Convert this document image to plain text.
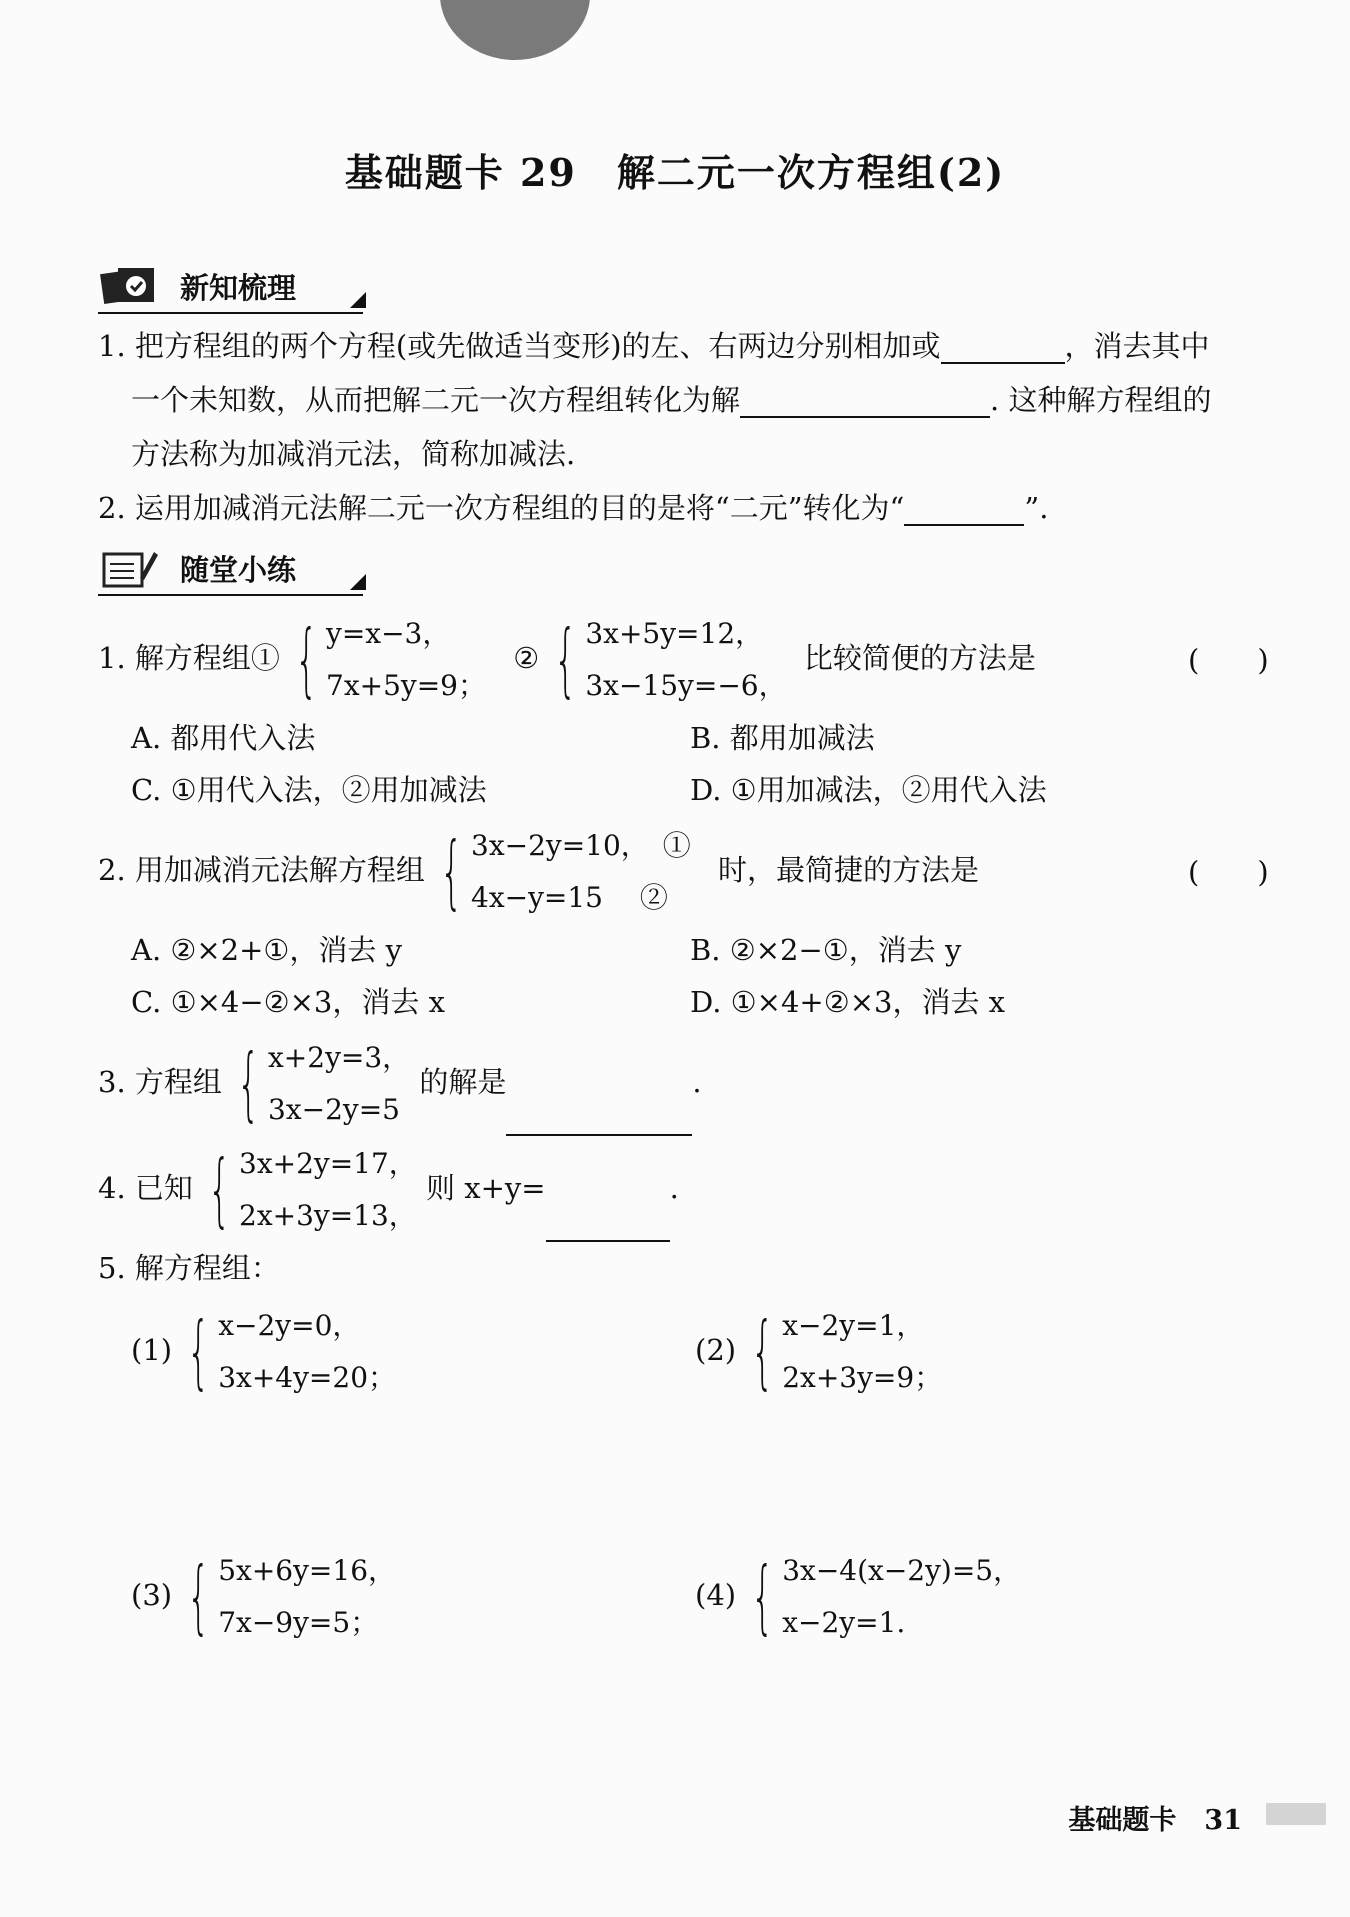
基础题卡 29　解二元一次方程组(2)
新知梳理
1. 把方程组的两个方程(或先做适当变形)的左、右两边分别相加或	，消去其中
一个未知数，从而把解二元一次方程组转化为解	. 这种解方程组的
方法称为加减消元法，简称加减法.
2. 运用加减消元法解二元一次方程组的目的是将“二元”转化为“	”.
随堂小练
1. 解方程组① { y=x−3，
7x+5y=9；
② { 3x+5y=12，
3x−15y=−6，
比较简便的方法是	(　　)
A. 都用代入法	B. 都用加减法
C. ①用代入法，②用加减法	D. ①用加减法，②用代入法
2. 用加减消元法解方程组 { 3x−2y=10，　①
4x−y=15　 ②
时，最简捷的方法是	(　　)
A. ②×2+①，消去 y	B. ②×2−①，消去 y
C. ①×4−②×3，消去 x	D. ①×4+②×3，消去 x
3. 方程组 { x+2y=3，
3x−2y=5
的解是	.
4. 已知 { 3x+2y=17，
2x+3y=13，
则 x+y=	.
5. 解方程组：
(1) { x−2y=0，
3x+4y=20；
(2) { x−2y=1，
2x+3y=9；
(3) { 5x+6y=16，
7x−9y=5；
(4) { 3x−4(x−2y)=5，
x−2y=1.
基础题卡 31
